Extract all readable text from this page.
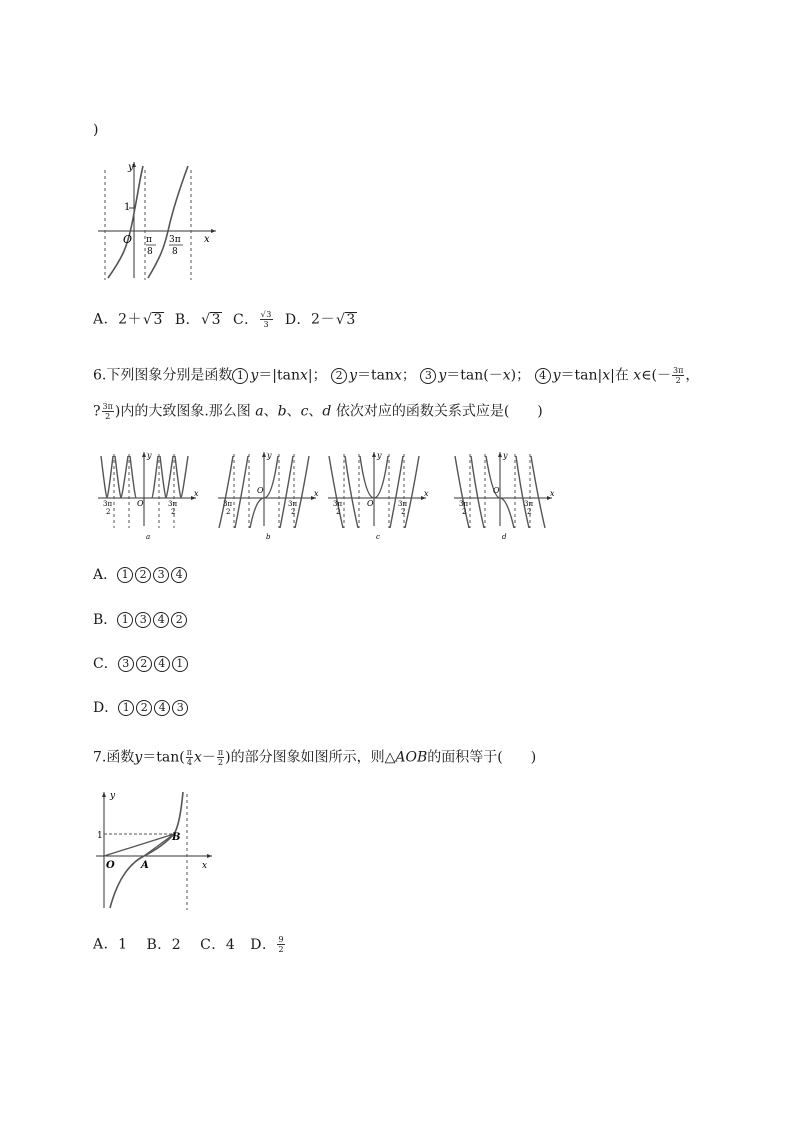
)
y
x
1
O π
8
3π
8
A．2＋ √ 3 B． √ 3 C． $\frac{√3}{3}$ D．2－ √ 3
6.下列图象分别是函数 1 y＝|tanx|； 2 y＝tanx； 3 y＝tan(－x)； 4 y＝tan|x|在 x∈(－ $\frac{3\pi}{2}$ ，
? $\frac{3\pi}{2}$ )内的大致图象.那么图 a、b、c、d 依次对应的函数关系式应是(　　)
y
x
O
3π
2
3π
2
a
y
x
O
3π
2
3π
2
b
y
x
O
3π
2
3π
2
c
y
x
O
3π
2
3π
2
d
A． 1 2 3 4
B． 1 3 4 2
C． 3 2 4 1
D． 1 2 4 3
7.函数$y=\tan( \frac{\pi}{4} x- \frac{\pi}{2}$ )的部分图象如图所示，则△AOB的面积等于(　　)
y
x
1
O	A
B
A．1 B．2 C．4 D． $\frac{9}{2}$
